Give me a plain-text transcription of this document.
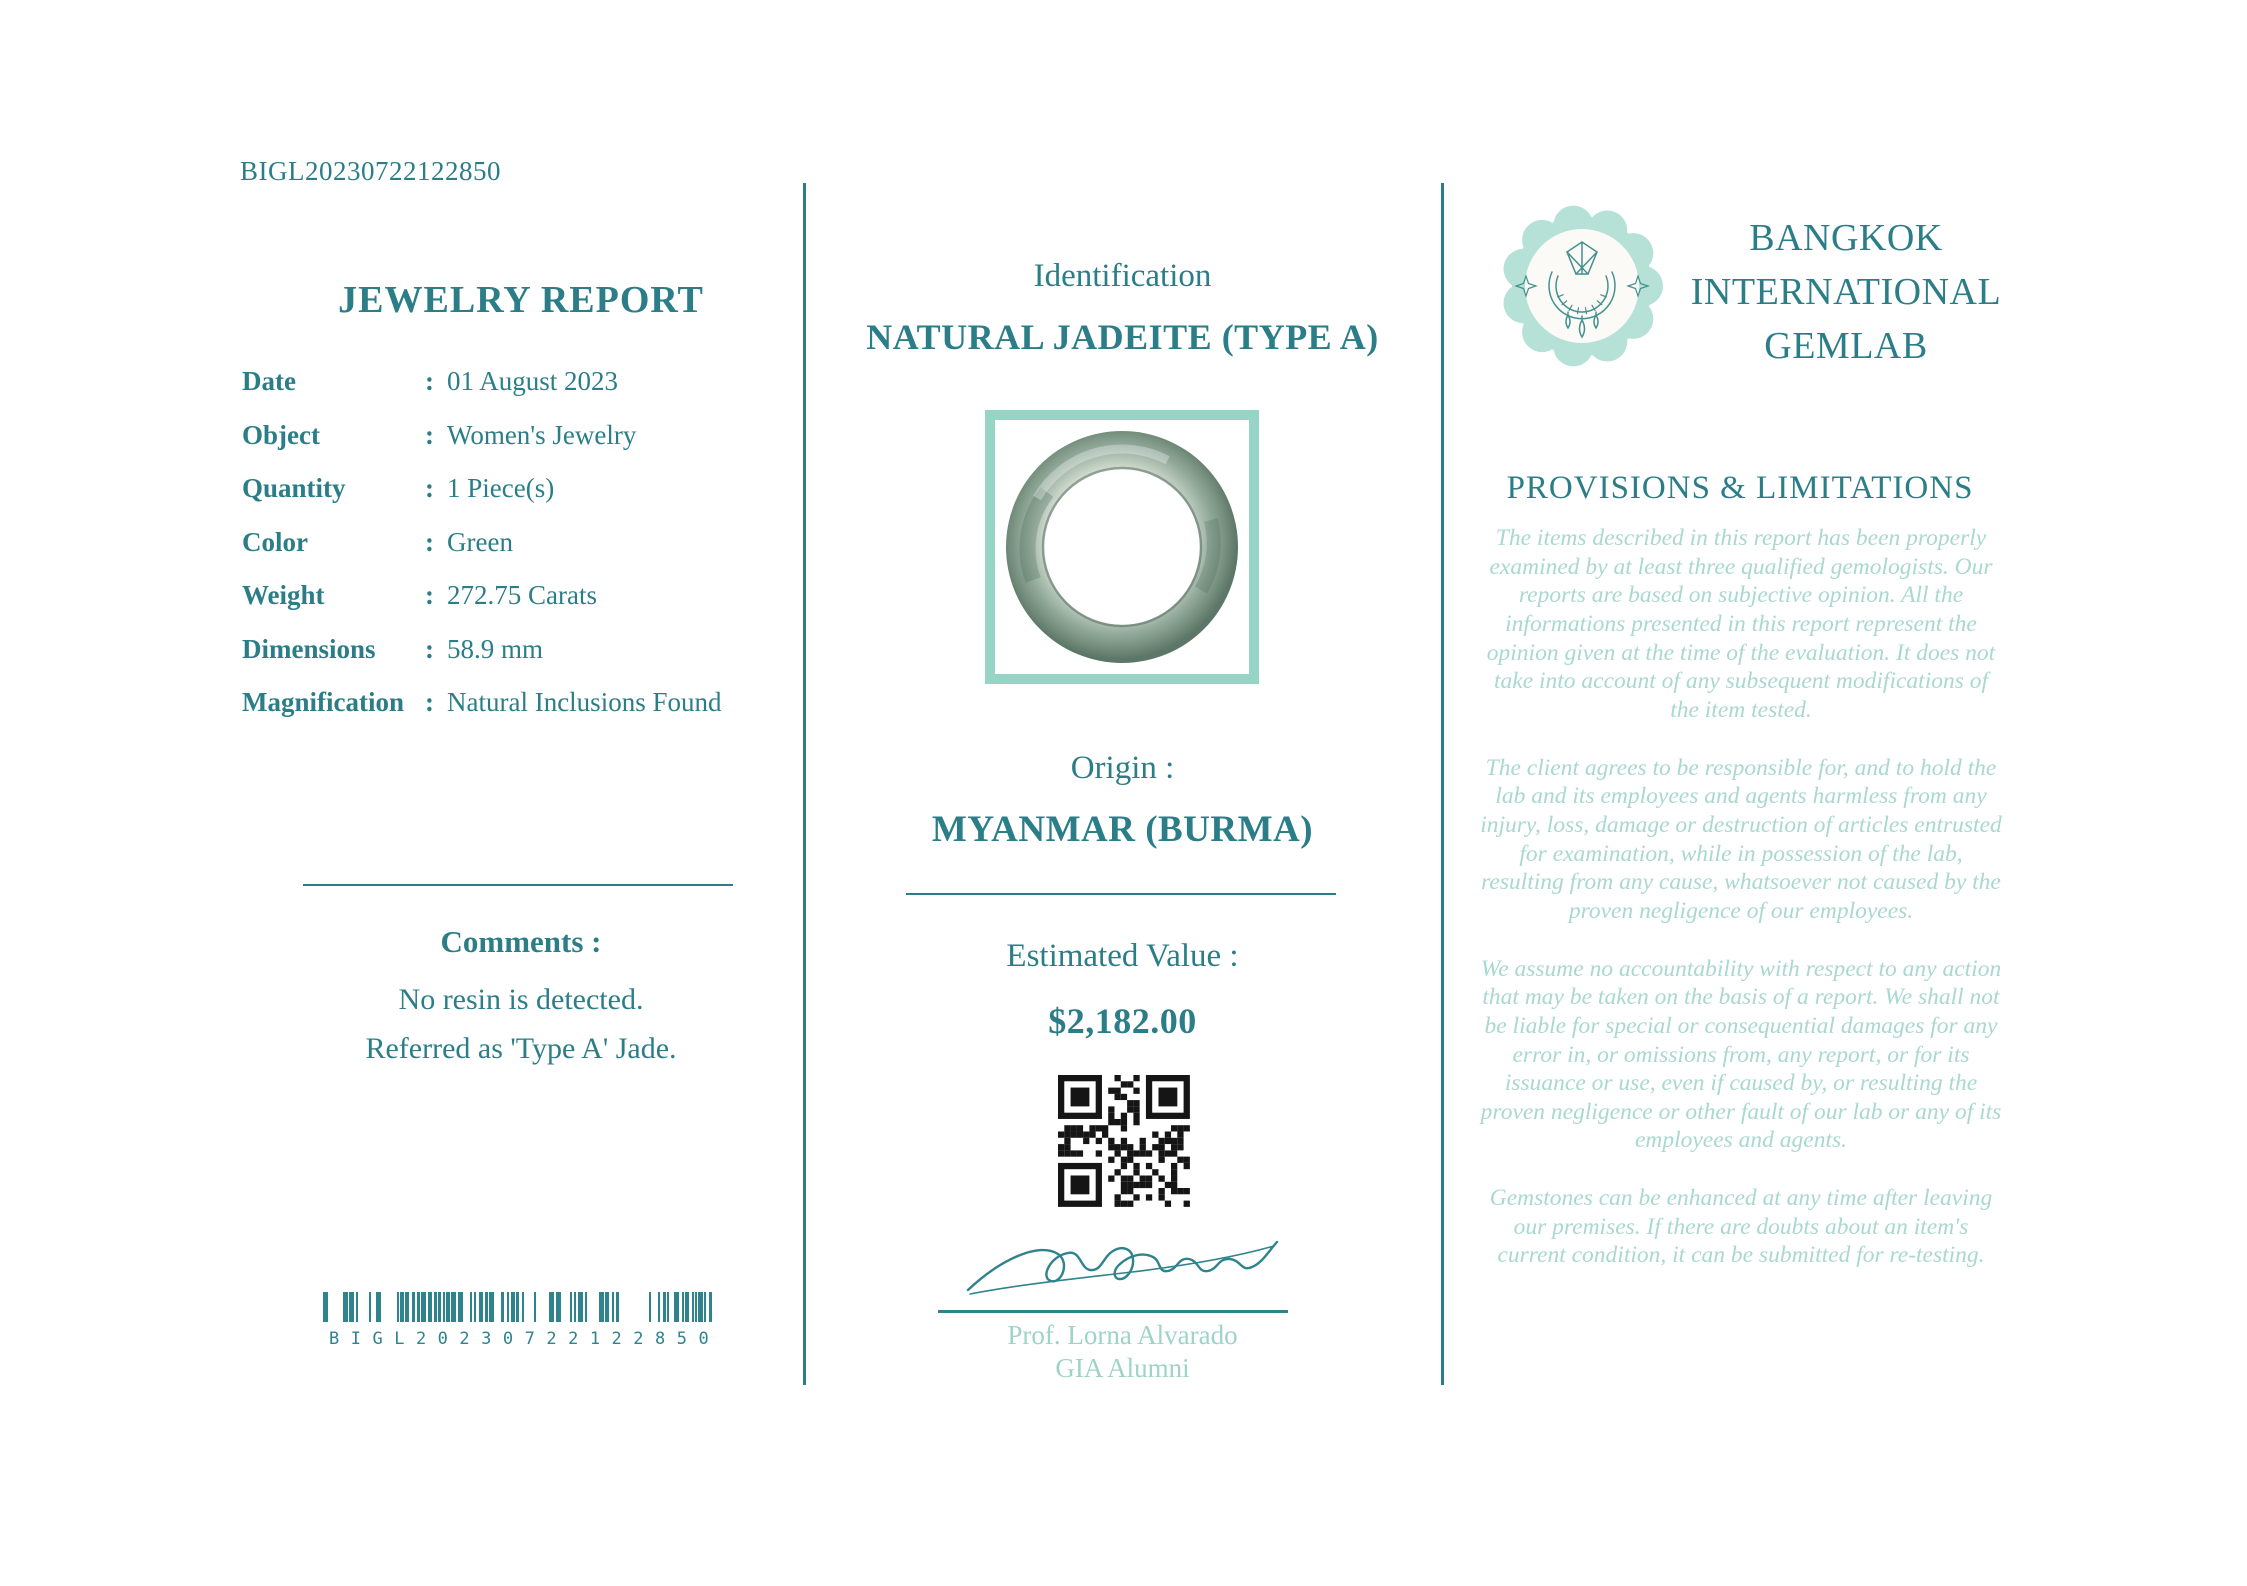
BIGL20230722122850
JEWELRY REPORT
Date	: 01 August 2023
Object	: Women's Jewelry
Quantity	: 1 Piece(s)
Color	: Green
Weight	: 272.75 Carats
Dimensions	: 58.9 mm
Magnification : Natural Inclusions Found
Comments :
No resin is detected.
Referred as 'Type A' Jade.
BIGL20230722122850
Identification
NATURAL JADEITE (TYPE A)
Origin :
MYANMAR (BURMA)
Estimated Value :
$2,182.00
Prof. Lorna Alvarado
GIA Alumni
BANGKOK INTERNATIONAL GEMLAB
PROVISIONS & LIMITATIONS

The items described in this report has been properly examined by at least three qualified gemologists. Our reports are based on subjective opinion. All the informations presented in this report represent the opinion given at the time of the evaluation. It does not take into account of any subsequent modifications of the item tested.

The client agrees to be responsible for, and to hold the lab and its employees and agents harmless from any injury, loss, damage or destruction of articles entrusted for examination, while in possession of the lab, resulting from any cause, whatsoever not caused by the proven negligence of our employees.

We assume no accountability with respect to any action that may be taken on the basis of a report. We shall not be liable for special or consequential damages for any error in, or omissions from, any report, or for its issuance or use, even if caused by, or resulting the proven negligence or other fault of our lab or any of its employees and agents.

Gemstones can be enhanced at any time after leaving our premises. If there are doubts about an item's current condition, it can be submitted for re-testing.
